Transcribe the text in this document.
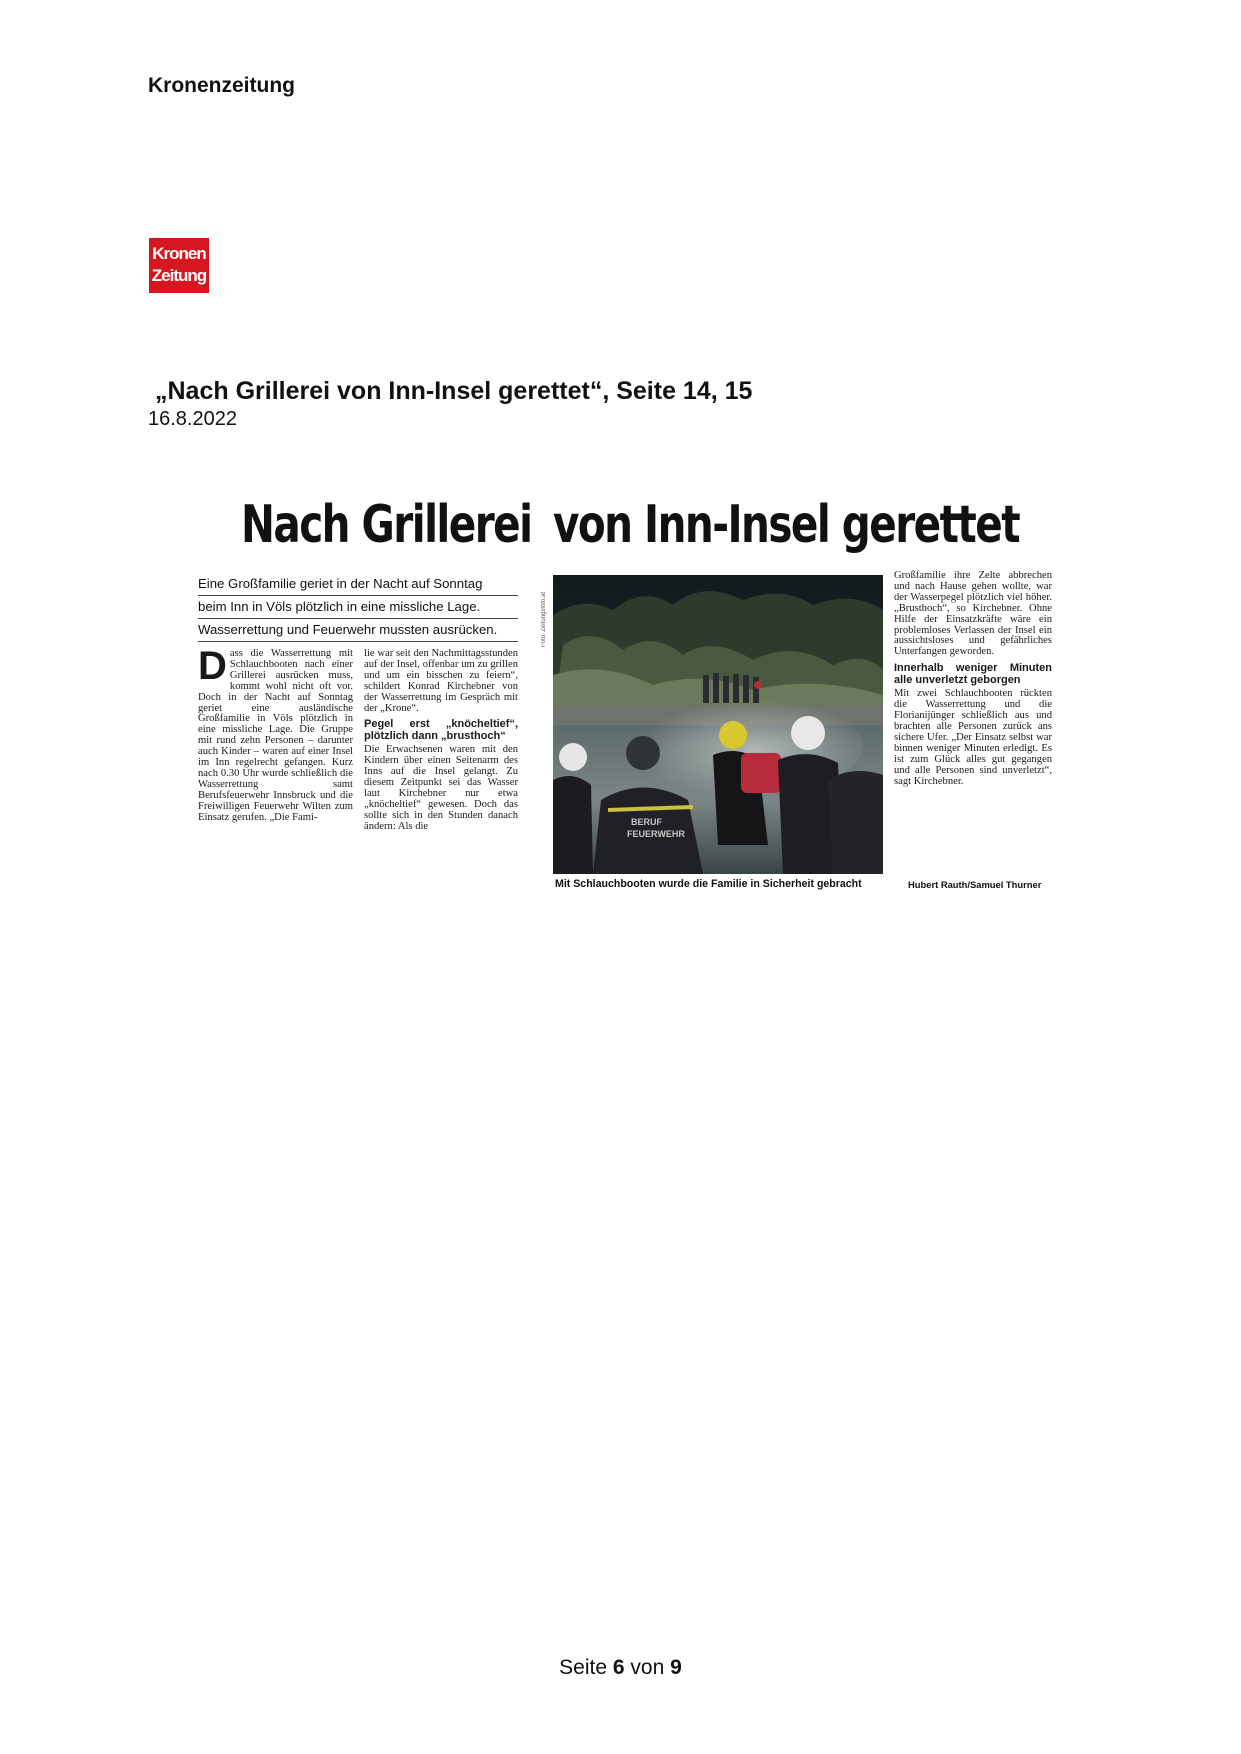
Kronenzeitung
Kronen
Zeitung
„Nach Grillerei von Inn-Insel gerettet“, Seite 14, 15
16.8.2022
Nach Grillerei von Inn-Insel gerettet
Eine Großfamilie geriet in der Nacht auf Sonntag
beim Inn in Völs plötzlich in eine missliche Lage.
Wasserrettung und Feuerwehr mussten ausrücken.
Dass die Wasserrettung mit Schlauchbooten nach einer Grillerei ausrücken muss, kommt wohl nicht oft vor. Doch in der Nacht auf Sonntag geriet eine ausländische Großfamilie in Völs plötzlich in eine missliche Lage. Die Gruppe mit rund zehn Personen – darunter auch Kinder – waren auf einer Insel im Inn regelrecht gefangen. Kurz nach 0.30 Uhr wurde schließlich die Wasserrettung samt Berufsfeuerwehr Innsbruck und die Freiwilligen Feuerwehr Wilten zum Einsatz gerufen. „Die Fami-
lie war seit den Nachmittagsstunden auf der Insel, offenbar um zu grillen und um ein bisschen zu feiern“, schildert Konrad Kirchebner von der Wasserrettung im Gespräch mit der „Krone“.
Pegel erst „knöcheltief“, plötzlich dann „brusthoch“
Die Erwachsenen waren mit den Kindern über einen Seitenarm des Inns auf die Insel gelangt. Zu diesem Zeitpunkt sei das Wasser laut Kirchebner nur etwa „knöcheltief“ gewesen. Doch das sollte sich in den Stunden danach ändern: Als die
Foto: Zeitungsfoto.at
BERUF
FEUERWEHR
Mit Schlauchbooten wurde die Familie in Sicherheit gebracht
Großfamilie ihre Zelte abbrechen und nach Hause gehen wollte, war der Wasserpegel plötzlich viel höher. „Brusthoch“, so Kirchebner. Ohne Hilfe der Einsatzkräfte wäre ein problemloses Verlassen der Insel ein aussichtsloses und gefährliches Unterfangen geworden.
Innerhalb weniger Minuten alle unverletzt geborgen
Mit zwei Schlauchbooten rückten die Wasserrettung und die Florianijünger schließlich aus und brachten alle Personen zurück ans sichere Ufer. „Der Einsatz selbst war binnen weniger Minuten erledigt. Es ist zum Glück alles gut gegangen und alle Personen sind unverletzt“, sagt Kirchebner.
Hubert Rauth/Samuel Thurner
Seite 6 von 9
